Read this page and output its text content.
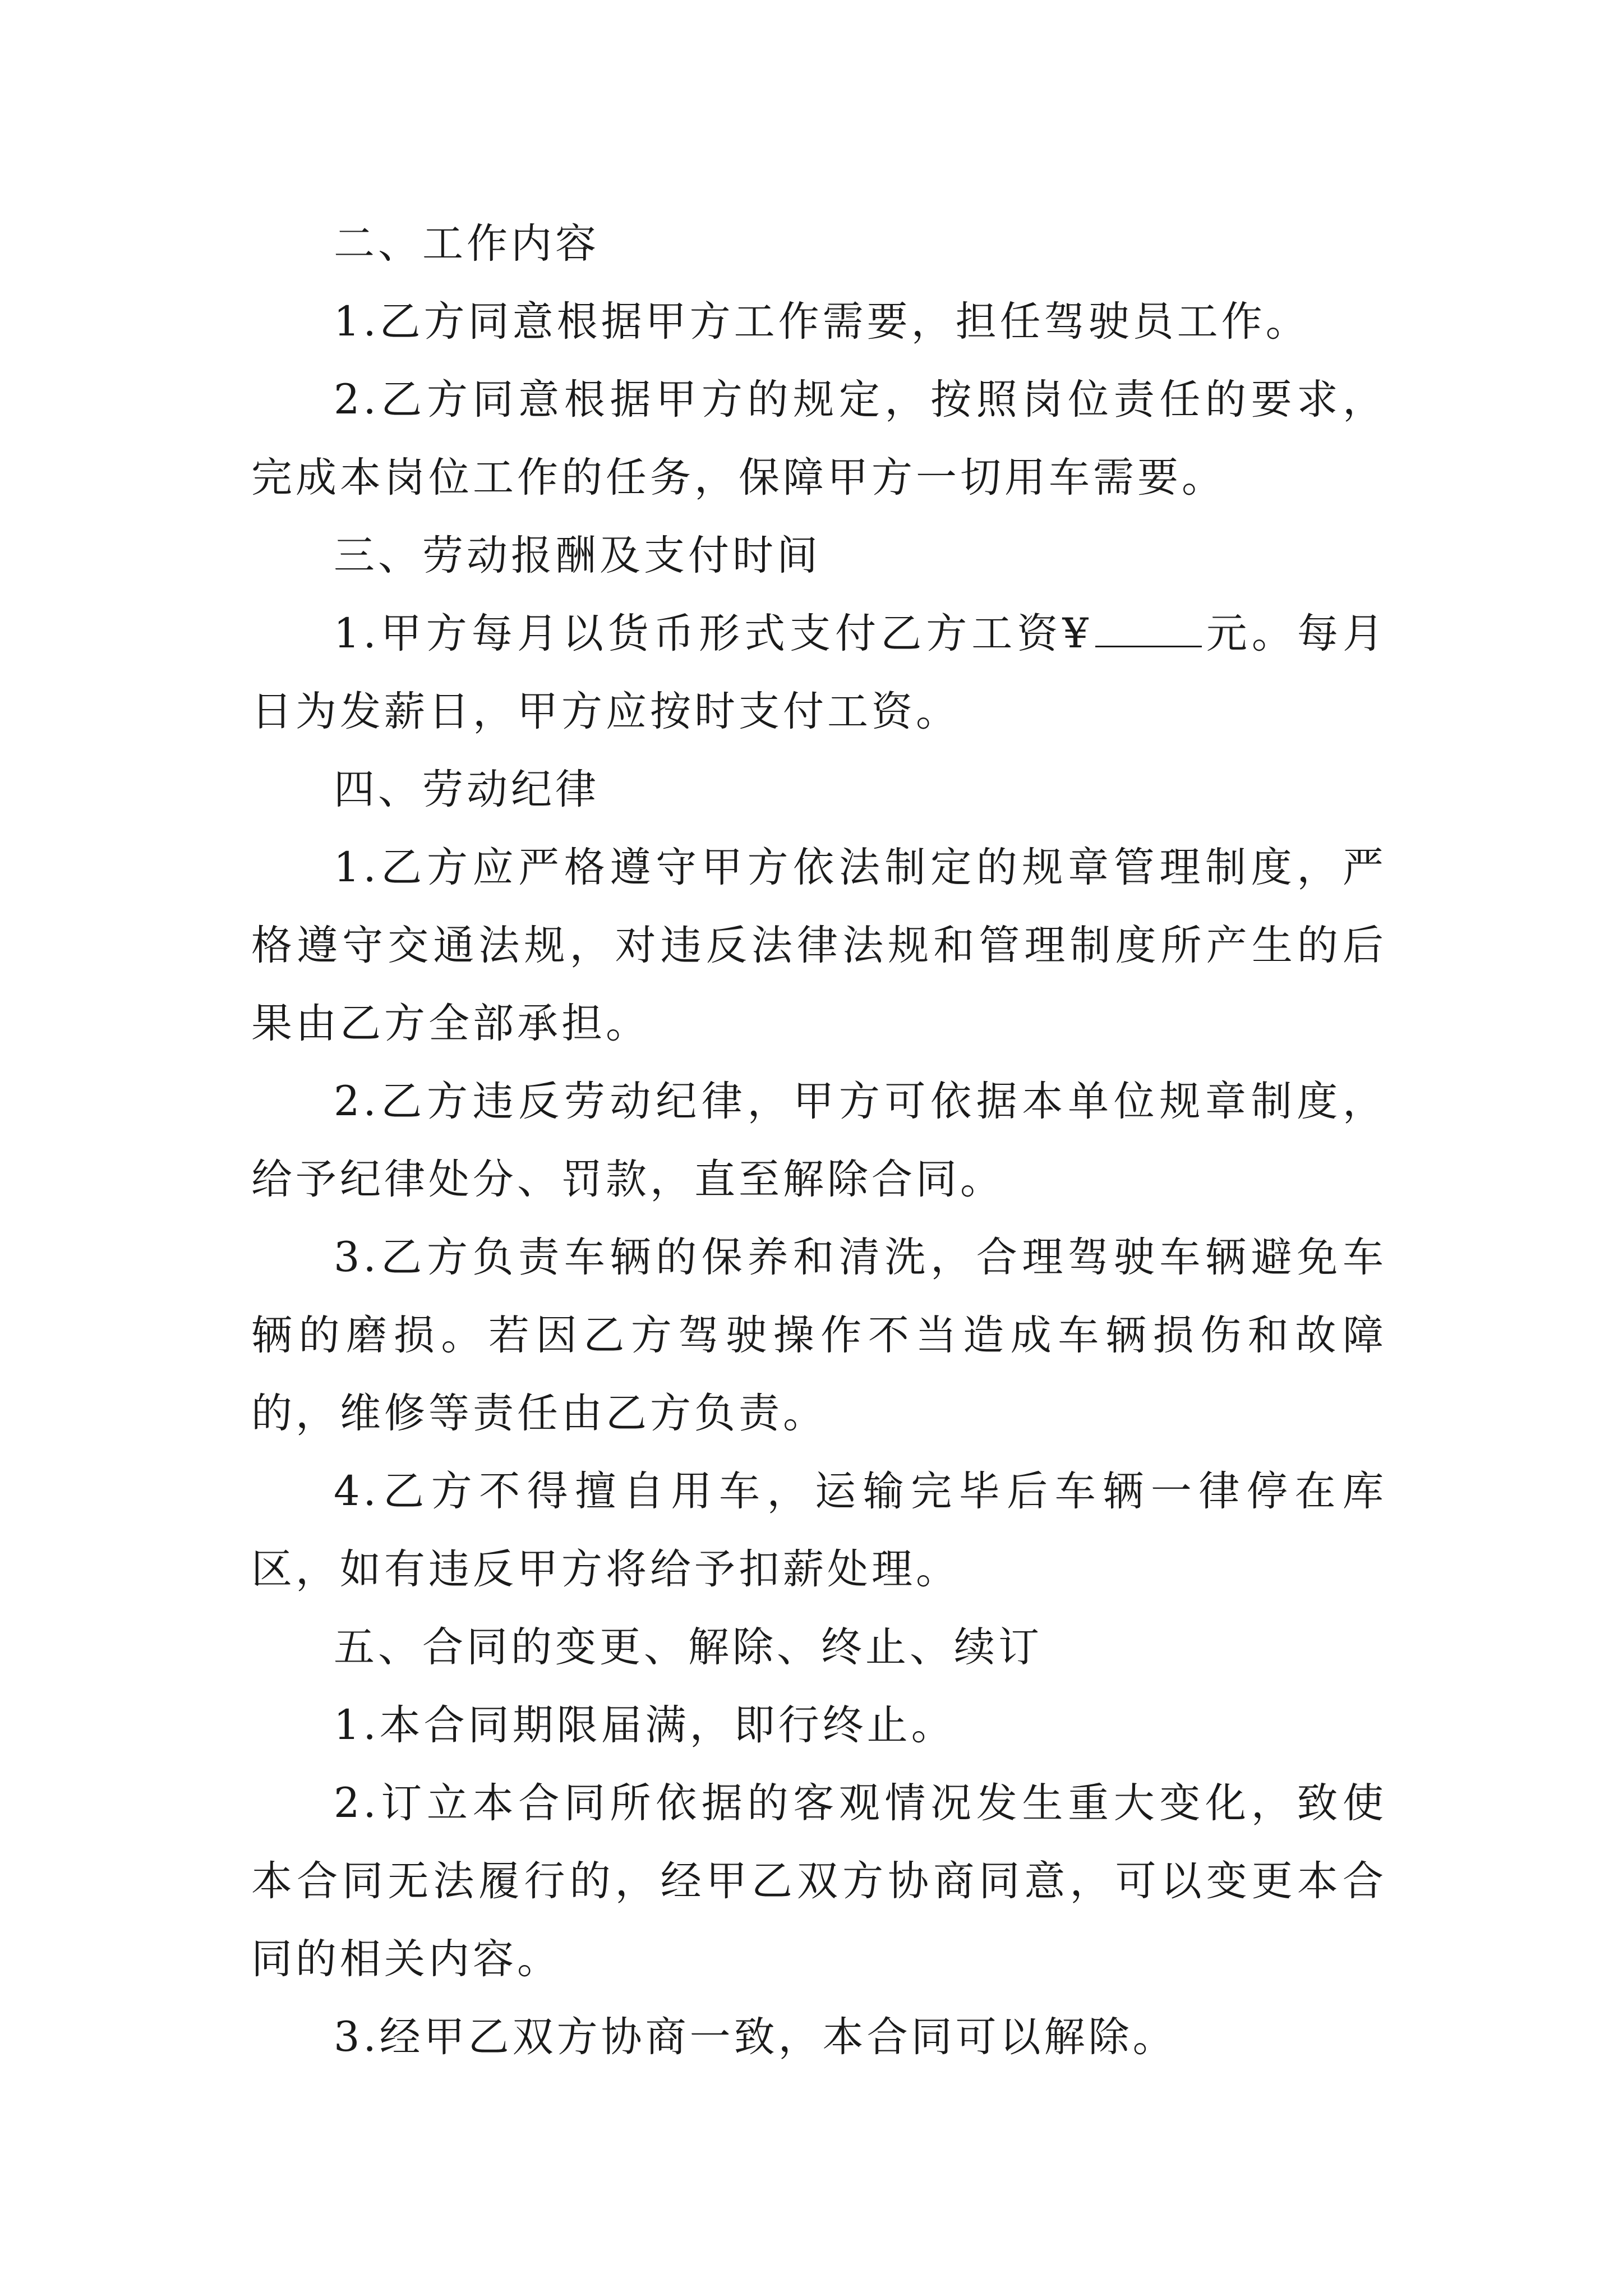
二、工作内容

1.乙方同意根据甲方工作需要，担任驾驶员工作。

2.乙方同意根据甲方的规定，按照岗位责任的要求，完成本岗位工作的任务，保障甲方一切用车需要。

三、劳动报酬及支付时间

1.甲方每月以货币形式支付乙方工资¥	元。每月日为发薪日，甲方应按时支付工资。

四、劳动纪律

1.乙方应严格遵守甲方依法制定的规章管理制度，严格遵守交通法规，对违反法律法规和管理制度所产生的后果由乙方全部承担。

2.乙方违反劳动纪律，甲方可依据本单位规章制度，给予纪律处分、罚款，直至解除合同。

3.乙方负责车辆的保养和清洗，合理驾驶车辆避免车辆的磨损。若因乙方驾驶操作不当造成车辆损伤和故障的，维修等责任由乙方负责。

4.乙方不得擅自用车，运输完毕后车辆一律停在库区，如有违反甲方将给予扣薪处理。

五、合同的变更、解除、终止、续订

1.本合同期限届满，即行终止。

2.订立本合同所依据的客观情况发生重大变化，致使本合同无法履行的，经甲乙双方协商同意，可以变更本合同的相关内容。

3.经甲乙双方协商一致，本合同可以解除。
